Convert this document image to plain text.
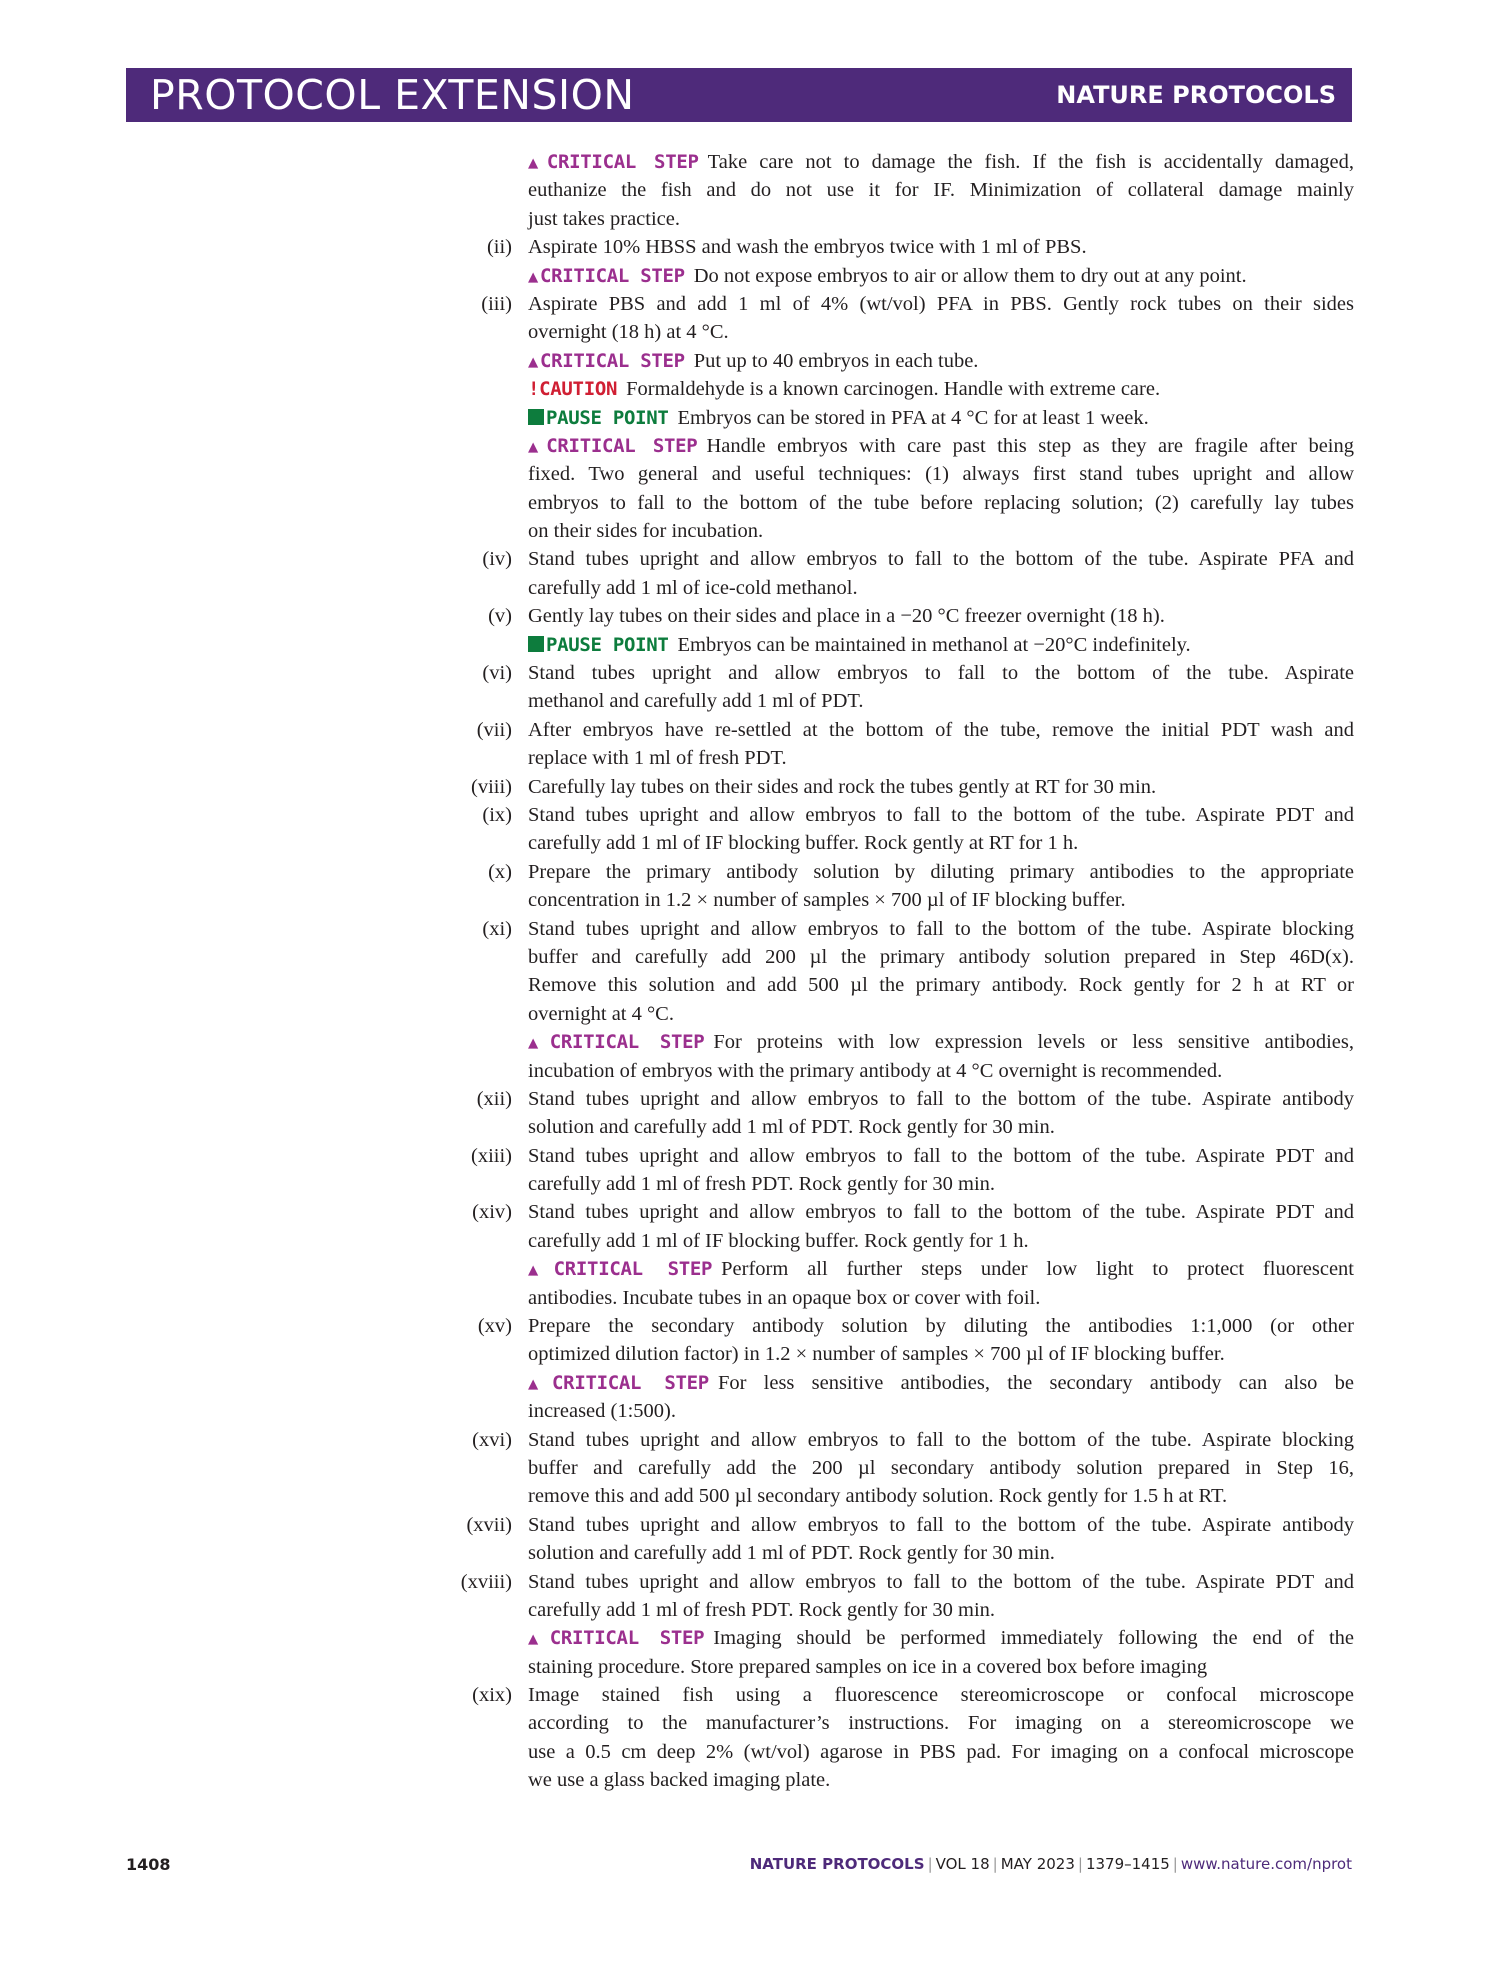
PROTOCOL EXTENSION	NATURE PROTOCOLS
▲ CRITICAL STEP Take care not to damage the fish. If the fish is accidentally damaged,
euthanize the fish and do not use it for IF. Minimization of collateral damage mainly
just takes practice.
(ii) Aspirate 10% HBSS and wash the embryos twice with 1 ml of PBS.
▲ CRITICAL STEP Do not expose embryos to air or allow them to dry out at any point.
(iii) Aspirate PBS and add 1 ml of 4% (wt/vol) PFA in PBS. Gently rock tubes on their sides
overnight (18 h) at 4 °C.
▲ CRITICAL STEP Put up to 40 embryos in each tube.
!CAUTION Formaldehyde is a known carcinogen. Handle with extreme care.
PAUSE POINT Embryos can be stored in PFA at 4 °C for at least 1 week.
▲ CRITICAL STEP Handle embryos with care past this step as they are fragile after being
fixed. Two general and useful techniques: (1) always first stand tubes upright and allow
embryos to fall to the bottom of the tube before replacing solution; (2) carefully lay tubes
on their sides for incubation.
(iv) Stand tubes upright and allow embryos to fall to the bottom of the tube. Aspirate PFA and
carefully add 1 ml of ice-cold methanol.
(v) Gently lay tubes on their sides and place in a −20 °C freezer overnight (18 h).
PAUSE POINT Embryos can be maintained in methanol at −20°C indefinitely.
(vi) Stand tubes upright and allow embryos to fall to the bottom of the tube. Aspirate
methanol and carefully add 1 ml of PDT.
(vii) After embryos have re-settled at the bottom of the tube, remove the initial PDT wash and
replace with 1 ml of fresh PDT.
(viii) Carefully lay tubes on their sides and rock the tubes gently at RT for 30 min.
(ix) Stand tubes upright and allow embryos to fall to the bottom of the tube. Aspirate PDT and
carefully add 1 ml of IF blocking buffer. Rock gently at RT for 1 h.
(x) Prepare the primary antibody solution by diluting primary antibodies to the appropriate
concentration in 1.2 × number of samples × 700 µl of IF blocking buffer.
(xi) Stand tubes upright and allow embryos to fall to the bottom of the tube. Aspirate blocking
buffer and carefully add 200 µl the primary antibody solution prepared in Step 46D(x).
Remove this solution and add 500 µl the primary antibody. Rock gently for 2 h at RT or
overnight at 4 °C.
▲ CRITICAL STEP For proteins with low expression levels or less sensitive antibodies,
incubation of embryos with the primary antibody at 4 °C overnight is recommended.
(xii) Stand tubes upright and allow embryos to fall to the bottom of the tube. Aspirate antibody
solution and carefully add 1 ml of PDT. Rock gently for 30 min.
(xiii) Stand tubes upright and allow embryos to fall to the bottom of the tube. Aspirate PDT and
carefully add 1 ml of fresh PDT. Rock gently for 30 min.
(xiv) Stand tubes upright and allow embryos to fall to the bottom of the tube. Aspirate PDT and
carefully add 1 ml of IF blocking buffer. Rock gently for 1 h.
▲ CRITICAL STEP Perform all further steps under low light to protect fluorescent
antibodies. Incubate tubes in an opaque box or cover with foil.
(xv) Prepare the secondary antibody solution by diluting the antibodies 1:1,000 (or other
optimized dilution factor) in 1.2 × number of samples × 700 µl of IF blocking buffer.
▲ CRITICAL STEP For less sensitive antibodies, the secondary antibody can also be
increased (1:500).
(xvi) Stand tubes upright and allow embryos to fall to the bottom of the tube. Aspirate blocking
buffer and carefully add the 200 µl secondary antibody solution prepared in Step 16,
remove this and add 500 µl secondary antibody solution. Rock gently for 1.5 h at RT.
(xvii) Stand tubes upright and allow embryos to fall to the bottom of the tube. Aspirate antibody
solution and carefully add 1 ml of PDT. Rock gently for 30 min.
(xviii) Stand tubes upright and allow embryos to fall to the bottom of the tube. Aspirate PDT and
carefully add 1 ml of fresh PDT. Rock gently for 30 min.
▲ CRITICAL STEP Imaging should be performed immediately following the end of the
staining procedure. Store prepared samples on ice in a covered box before imaging
(xix) Image stained fish using a fluorescence stereomicroscope or confocal microscope
according to the manufacturer’s instructions. For imaging on a stereomicroscope we
use a 0.5 cm deep 2% (wt/vol) agarose in PBS pad. For imaging on a confocal microscope
we use a glass backed imaging plate.
1408	NATURE PROTOCOLS | VOL 18 | MAY 2023 | 1379–1415 | www.nature.com/nprot
